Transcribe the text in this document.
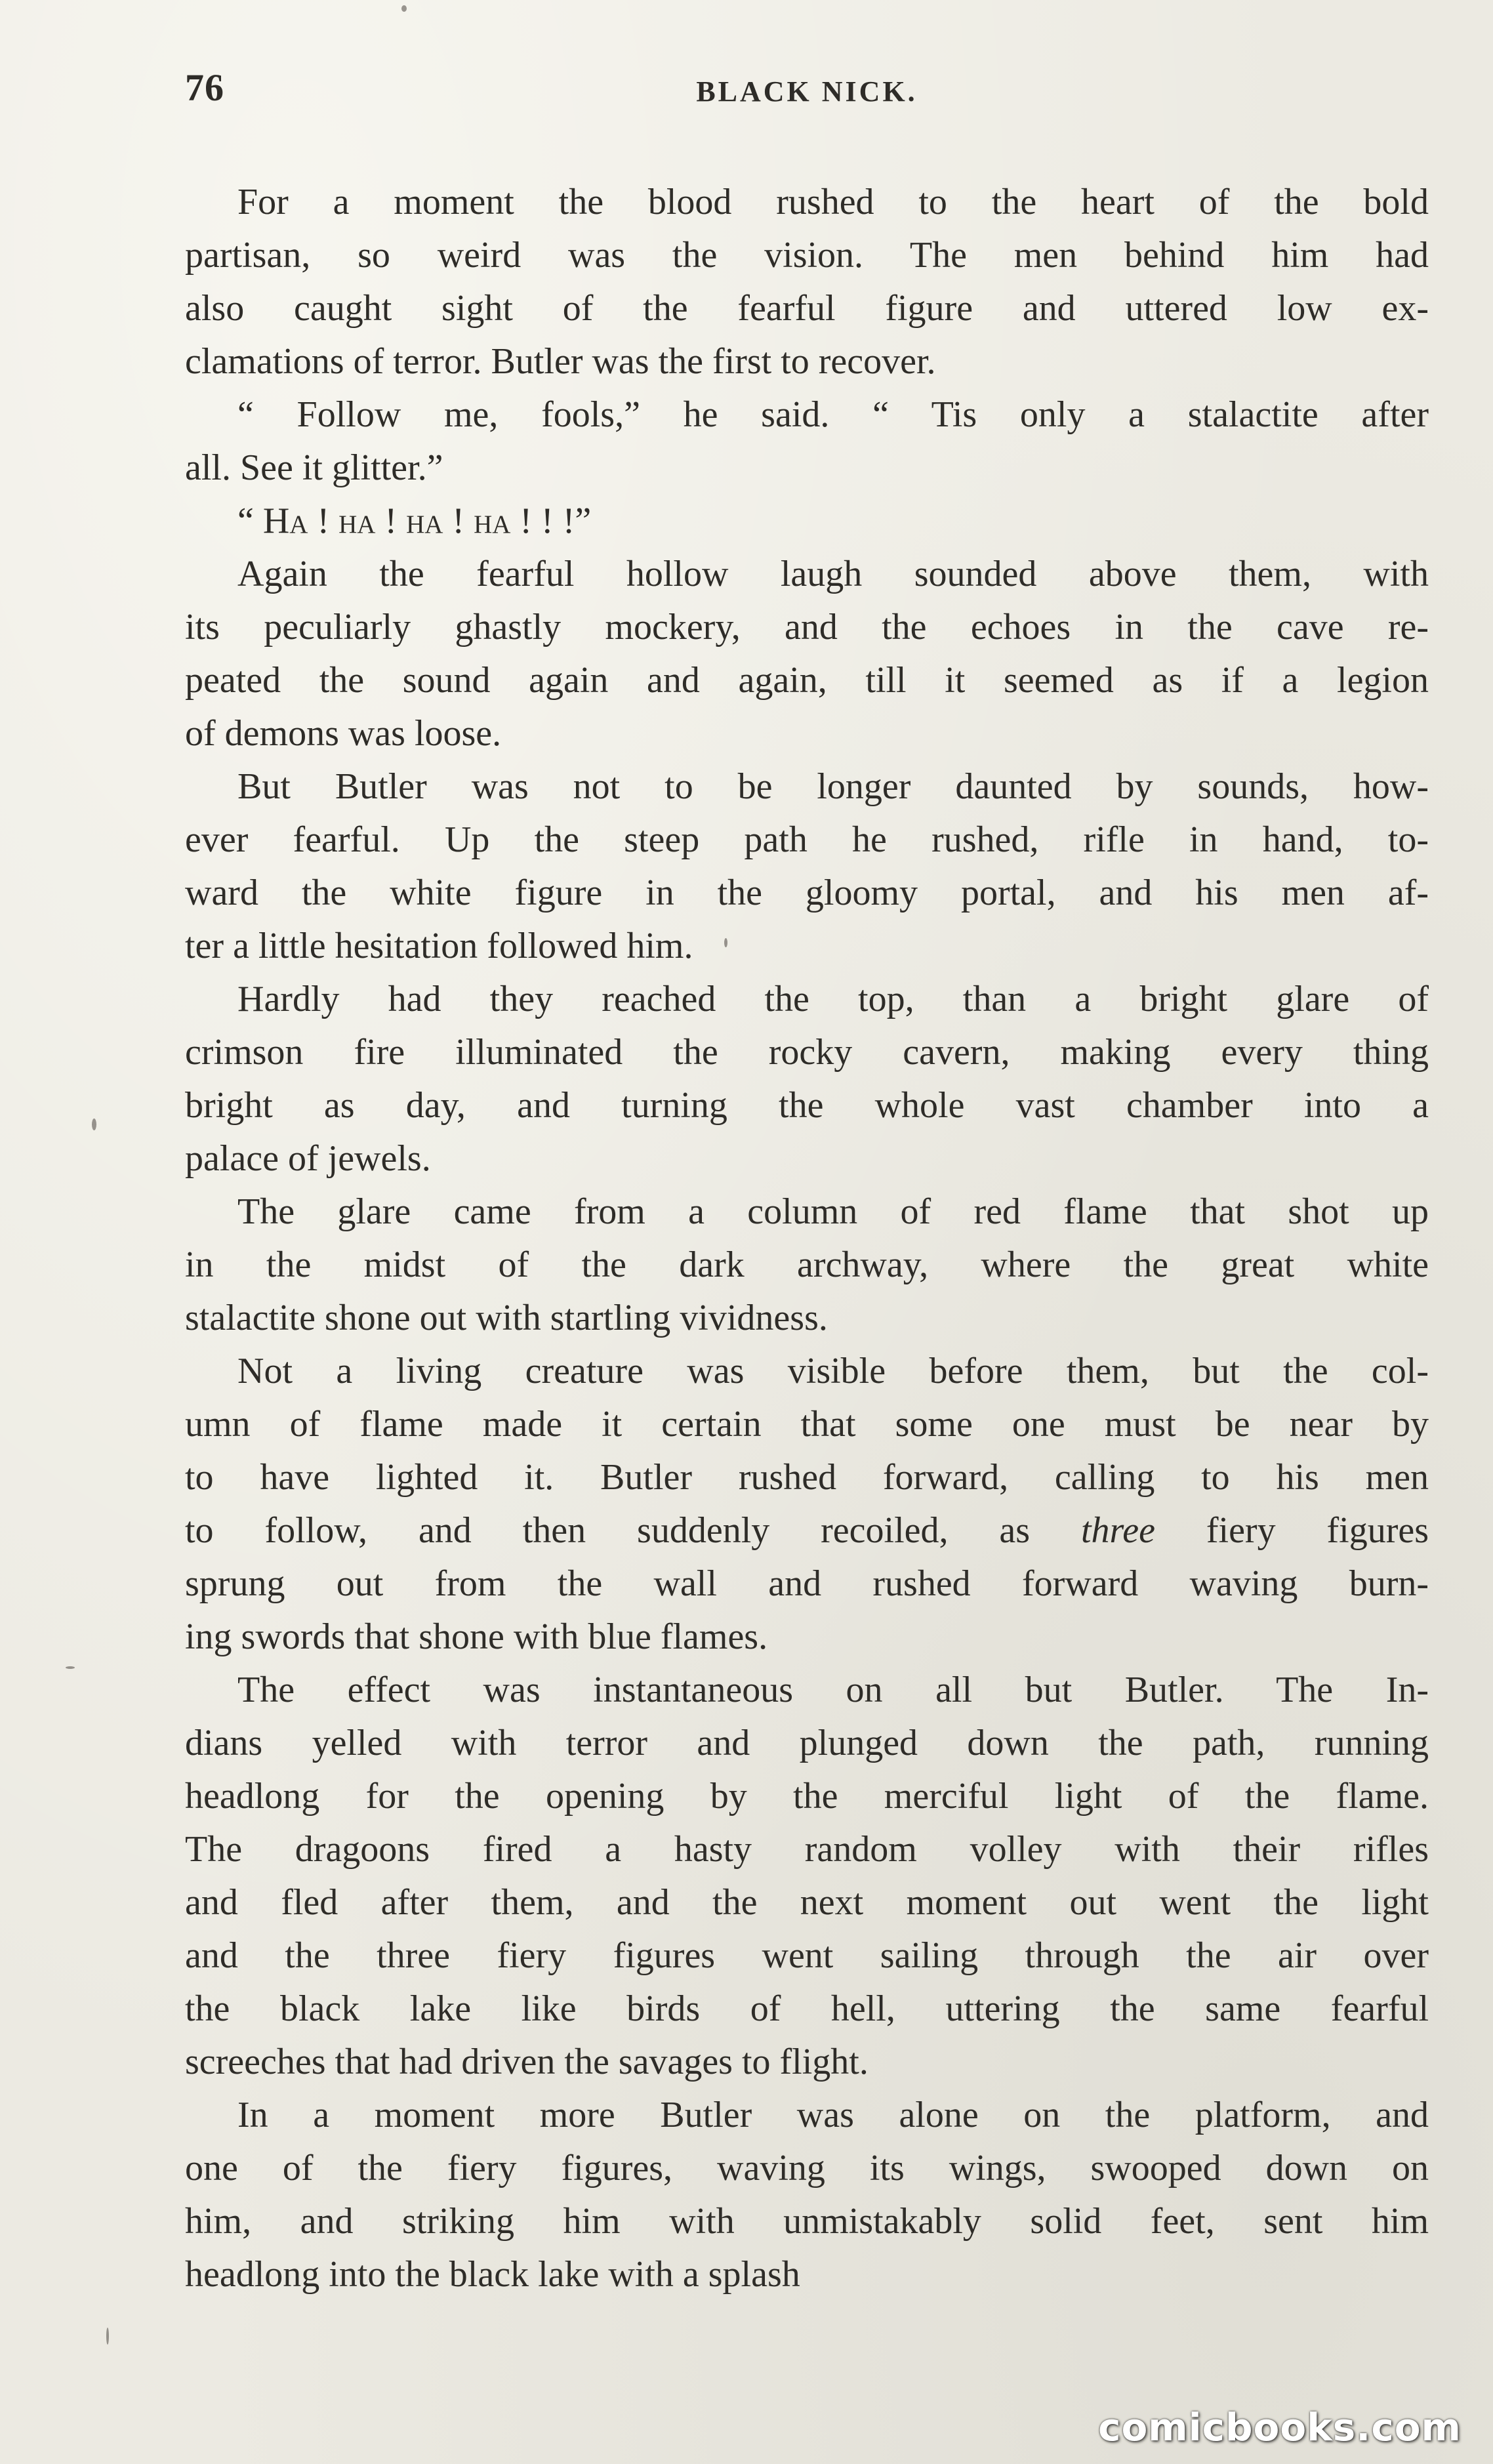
76	BLACK NICK.
For a moment the blood rushed to the heart of the bold
partisan, so weird was the vision. The men behind him had
also caught sight of the fearful figure and uttered low ex-
clamations of terror. Butler was the first to recover.
“ Follow me, fools,” he said. “ Tis only a stalactite after
all. See it glitter.”
“ Ha ! ha ! ha ! ha ! ! !”
Again the fearful hollow laugh sounded above them, with
its peculiarly ghastly mockery, and the echoes in the cave re-
peated the sound again and again, till it seemed as if a legion
of demons was loose.
But Butler was not to be longer daunted by sounds, how-
ever fearful. Up the steep path he rushed, rifle in hand, to-
ward the white figure in the gloomy portal, and his men af-
ter a little hesitation followed him.
Hardly had they reached the top, than a bright glare of
crimson fire illuminated the rocky cavern, making every thing
bright as day, and turning the whole vast chamber into a
palace of jewels.
The glare came from a column of red flame that shot up
in the midst of the dark archway, where the great white
stalactite shone out with startling vividness.
Not a living creature was visible before them, but the col-
umn of flame made it certain that some one must be near by
to have lighted it. Butler rushed forward, calling to his men
to follow, and then suddenly recoiled, as three fiery figures
sprung out from the wall and rushed forward waving burn-
ing swords that shone with blue flames.
The effect was instantaneous on all but Butler. The In-
dians yelled with terror and plunged down the path, running
headlong for the opening by the merciful light of the flame.
The dragoons fired a hasty random volley with their rifles
and fled after them, and the next moment out went the light
and the three fiery figures went sailing through the air over
the black lake like birds of hell, uttering the same fearful
screeches that had driven the savages to flight.
In a moment more Butler was alone on the platform, and
one of the fiery figures, waving its wings, swooped down on
him, and striking him with unmistakably solid feet, sent him
headlong into the black lake with a splash
comicbooks.com
